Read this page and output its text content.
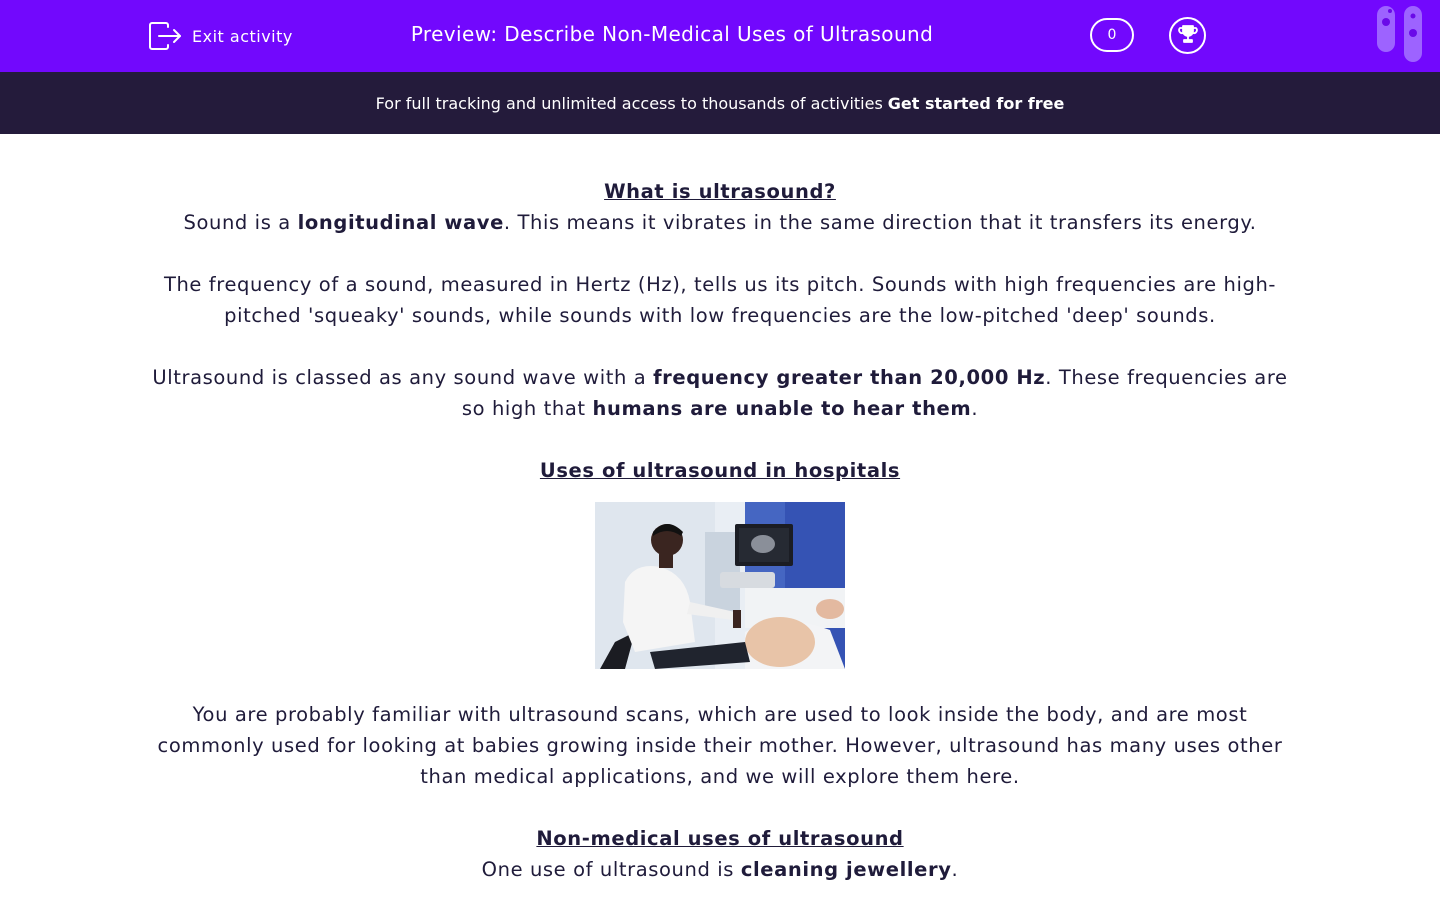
Exit activity	Preview: Describe Non-Medical Uses of Ultrasound	0
For full tracking and unlimited access to thousands of activities Get started for free

What is ultrasound?

Sound is a longitudinal wave. This means it vibrates in the same direction that it transfers its energy.

The frequency of a sound, measured in Hertz (Hz), tells us its pitch. Sounds with high frequencies are high-pitched 'squeaky' sounds, while sounds with low frequencies are the low-pitched 'deep' sounds.

Ultrasound is classed as any sound wave with a frequency greater than 20,000 Hz. These frequencies are so high that humans are unable to hear them.

Uses of ultrasound in hospitals

You are probably familiar with ultrasound scans, which are used to look inside the body, and are most commonly used for looking at babies growing inside their mother. However, ultrasound has many uses other than medical applications, and we will explore them here.

Non-medical uses of ultrasound

One use of ultrasound is cleaning jewellery.
